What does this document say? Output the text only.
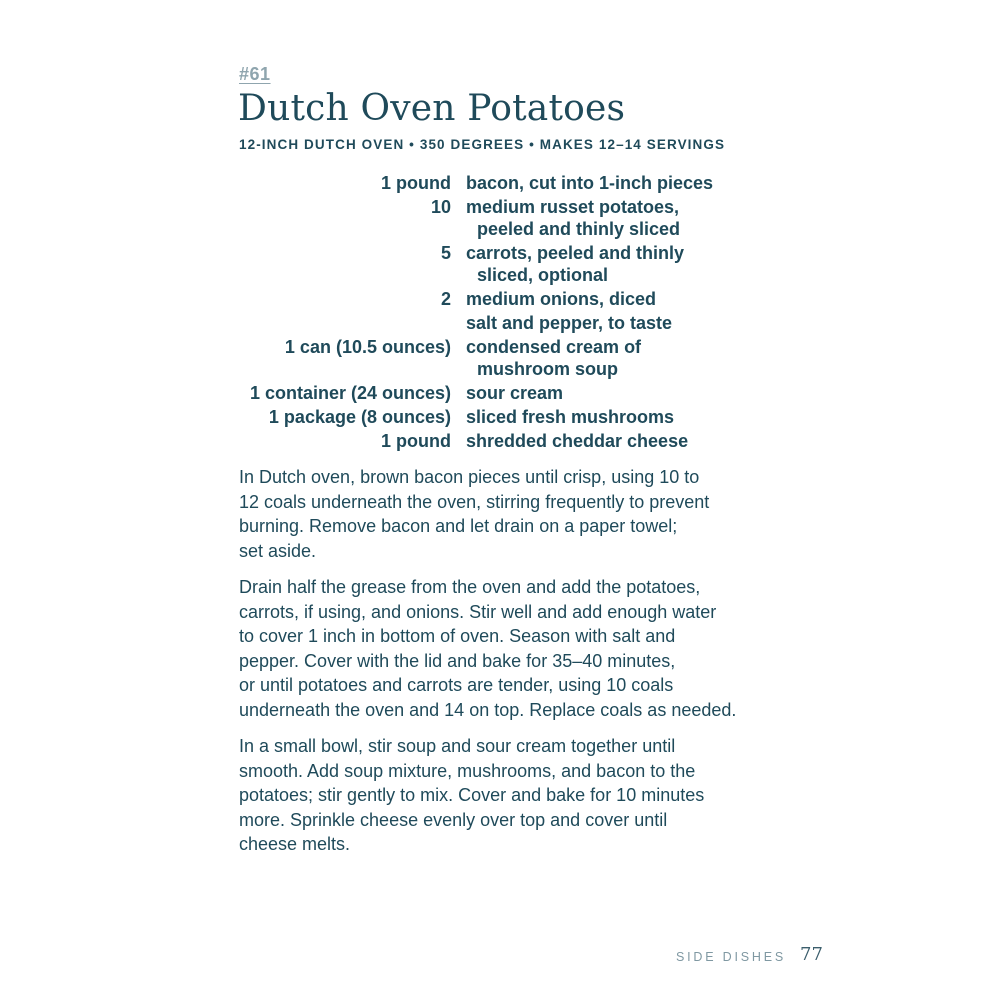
#61
Dutch Oven Potatoes
12-INCH DUTCH OVEN • 350 DEGREES • MAKES 12–14 SERVINGS
1 pound bacon, cut into 1-inch pieces
10 medium russet potatoes,
peeled and thinly sliced
5 carrots, peeled and thinly
sliced, optional
2 medium onions, diced
salt and pepper, to taste
1 can (10.5 ounces) condensed cream of
mushroom soup
1 container (24 ounces) sour cream
1 package (8 ounces) sliced fresh mushrooms
1 pound shredded cheddar cheese

In Dutch oven, brown bacon pieces until crisp, using 10 to
12 coals underneath the oven, stirring frequently to prevent
burning. Remove bacon and let drain on a paper towel;
set aside.

Drain half the grease from the oven and add the potatoes,
carrots, if using, and onions. Stir well and add enough water
to cover 1 inch in bottom of oven. Season with salt and
pepper. Cover with the lid and bake for 35–40 minutes,
or until potatoes and carrots are tender, using 10 coals
underneath the oven and 14 on top. Replace coals as needed.

In a small bowl, stir soup and sour cream together until
smooth. Add soup mixture, mushrooms, and bacon to the
potatoes; stir gently to mix. Cover and bake for 10 minutes
more. Sprinkle cheese evenly over top and cover until
cheese melts.

SIDE DISHES 77
